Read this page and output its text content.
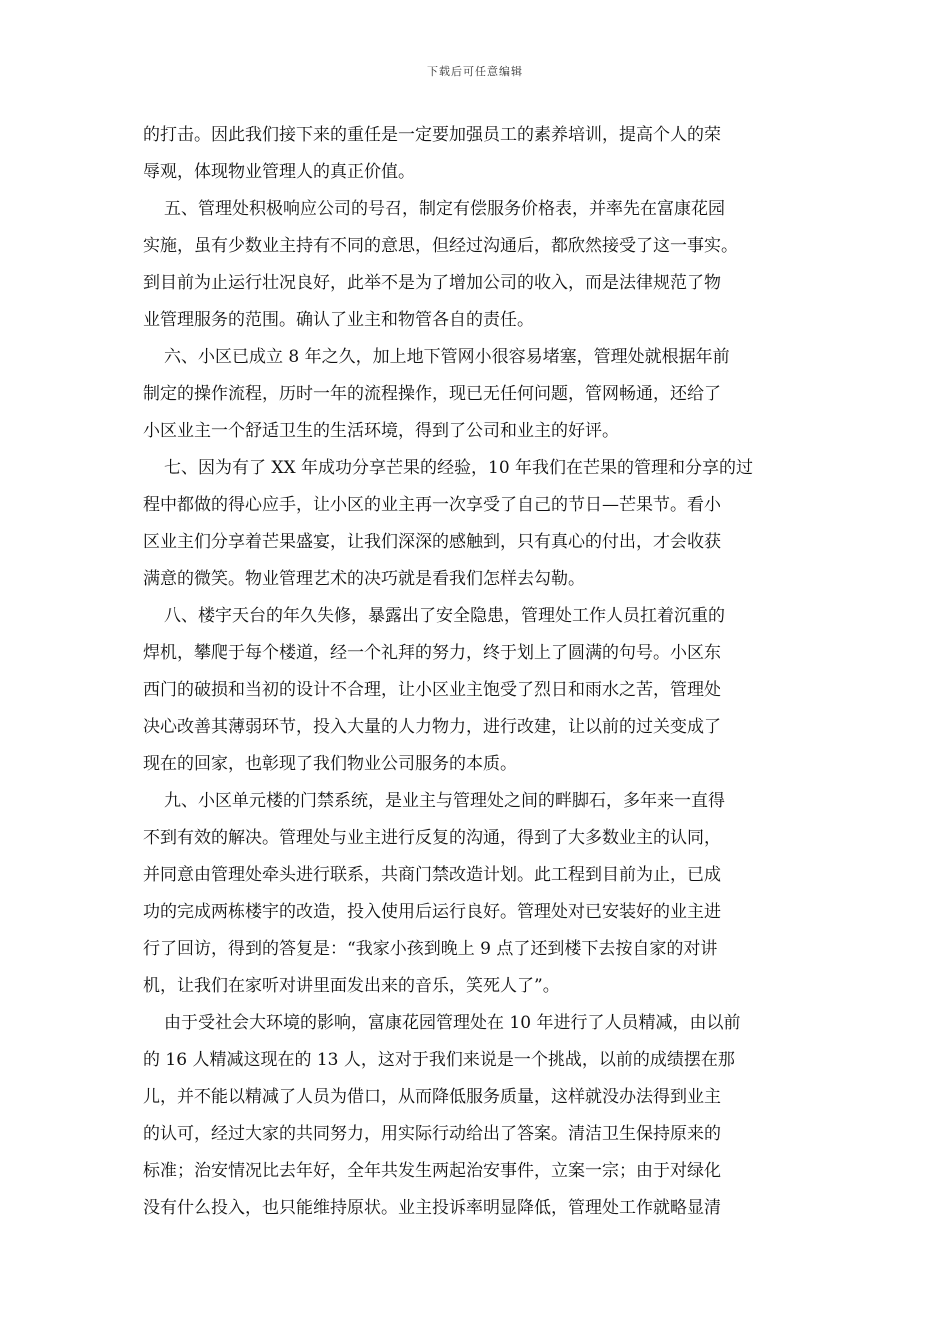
下载后可任意编辑
的打击。因此我们接下来的重任是一定要加强员工的素养培训，提高个人的荣
辱观，体现物业管理人的真正价值。
五、管理处积极响应公司的号召，制定有偿服务价格表，并率先在富康花园
实施，虽有少数业主持有不同的意思，但经过沟通后，都欣然接受了这一事实。
到目前为止运行壮况良好，此举不是为了增加公司的收入，而是法律规范了物
业管理服务的范围。确认了业主和物管各自的责任。
六、小区已成立 8 年之久，加上地下管网小很容易堵塞，管理处就根据年前
制定的操作流程，历时一年的流程操作，现已无任何问题，管网畅通，还给了
小区业主一个舒适卫生的生活环境，得到了公司和业主的好评。
七、因为有了 XX 年成功分享芒果的经验，10 年我们在芒果的管理和分享的过
程中都做的得心应手，让小区的业主再一次享受了自己的节日—芒果节。看小
区业主们分享着芒果盛宴，让我们深深的感触到，只有真心的付出，才会收获
满意的微笑。物业管理艺术的决巧就是看我们怎样去勾勒。
八、楼宇天台的年久失修，暴露出了安全隐患，管理处工作人员扛着沉重的
焊机，攀爬于每个楼道，经一个礼拜的努力，终于划上了圆满的句号。小区东
西门的破损和当初的设计不合理，让小区业主饱受了烈日和雨水之苦，管理处
决心改善其薄弱环节，投入大量的人力物力，进行改建，让以前的过关变成了
现在的回家，也彰现了我们物业公司服务的本质。
九、小区单元楼的门禁系统，是业主与管理处之间的畔脚石，多年来一直得
不到有效的解决。管理处与业主进行反复的沟通，得到了大多数业主的认同，
并同意由管理处牵头进行联系，共商门禁改造计划。此工程到目前为止，已成
功的完成两栋楼宇的改造，投入使用后运行良好。管理处对已安装好的业主进
行了回访，得到的答复是：“我家小孩到晚上 9 点了还到楼下去按自家的对讲
机，让我们在家听对讲里面发出来的音乐，笑死人了”。
由于受社会大环境的影响，富康花园管理处在 10 年进行了人员精减，由以前
的 16 人精减这现在的 13 人，这对于我们来说是一个挑战，以前的成绩摆在那
儿，并不能以精减了人员为借口，从而降低服务质量，这样就没办法得到业主
的认可，经过大家的共同努力，用实际行动给出了答案。清洁卫生保持原来的
标准；治安情况比去年好，全年共发生两起治安事件，立案一宗；由于对绿化
没有什么投入，也只能维持原状。业主投诉率明显降低，管理处工作就略显清
